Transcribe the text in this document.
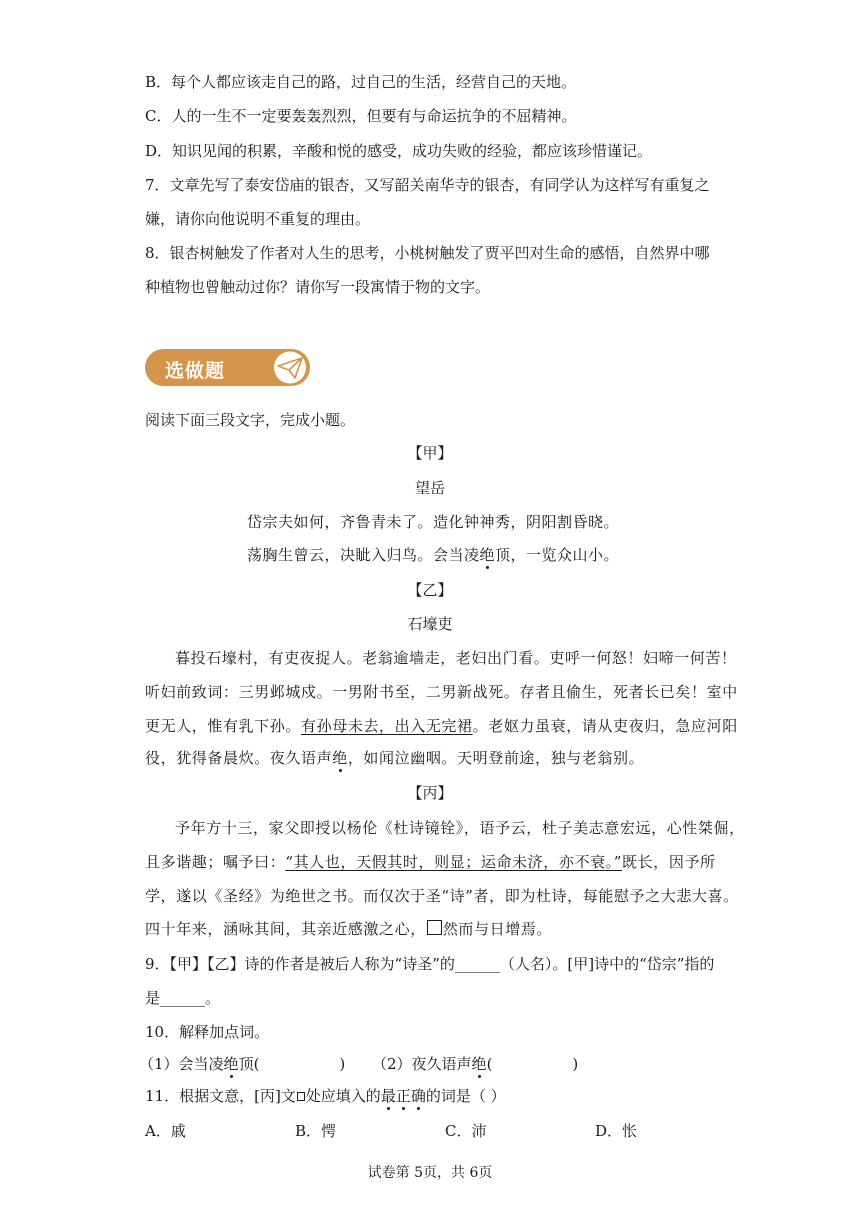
B．每个人都应该走自己的路，过自己的生活，经营自己的天地。
C．人的一生不一定要轰轰烈烈，但要有与命运抗争的不屈精神。
D．知识见闻的积累，辛酸和悦的感受，成功失败的经验，都应该珍惜谨记。
7．文章先写了泰安岱庙的银杏，又写韶关南华寺的银杏，有同学认为这样写有重复之
嫌，请你向他说明不重复的理由。
8．银杏树触发了作者对人生的思考，小桃树触发了贾平凹对生命的感悟，自然界中哪
种植物也曾触动过你？请你写一段寓情于物的文字。
选做题
阅读下面三段文字，完成小题。
【甲】
望岳
岱宗夫如何，齐鲁青未了。造化钟神秀，阴阳割昏晓。
荡胸生曾云，决眦入归鸟。会当凌绝顶，一览众山小。
【乙】
石壕吏
暮投石壕村，有吏夜捉人。老翁逾墙走，老妇出门看。吏呼一何怒！妇啼一何苦！
听妇前致词：三男邺城戍。一男附书至，二男新战死。存者且偷生，死者长已矣！室中
更无人，惟有乳下孙。有孙母未去，出入无完裙。老妪力虽衰，请从吏夜归，急应河阳
役，犹得备晨炊。夜久语声绝，如闻泣幽咽。天明登前途，独与老翁别。
【丙】
予年方十三，家父即授以杨伦《杜诗镜铨》，语予云，杜子美志意宏远，心性桀倔，
且多谐趣；嘱予曰：“其人也，天假其时，则显；运命未济，亦不衰。”既长，因予所
学，遂以《圣经》为绝世之书。而仅次于圣“诗”者，即为杜诗，每能慰予之大悲大喜。
四十年来，涵咏其间，其亲近感激之心， 然而与日增焉。
9．【甲】【乙】诗的作者是被后人称为“诗圣”的______（人名）。[甲]诗中的“岱宗”指的
是______。
10．解释加点词。
（1）会当凌绝顶(	) （2）夜久语声绝(	)
11．根据文意，[丙]文 处应填入的最正确的词是（ ）
A．戚	B．愕	C．沛	D．怅
试卷第 5页，共 6页
